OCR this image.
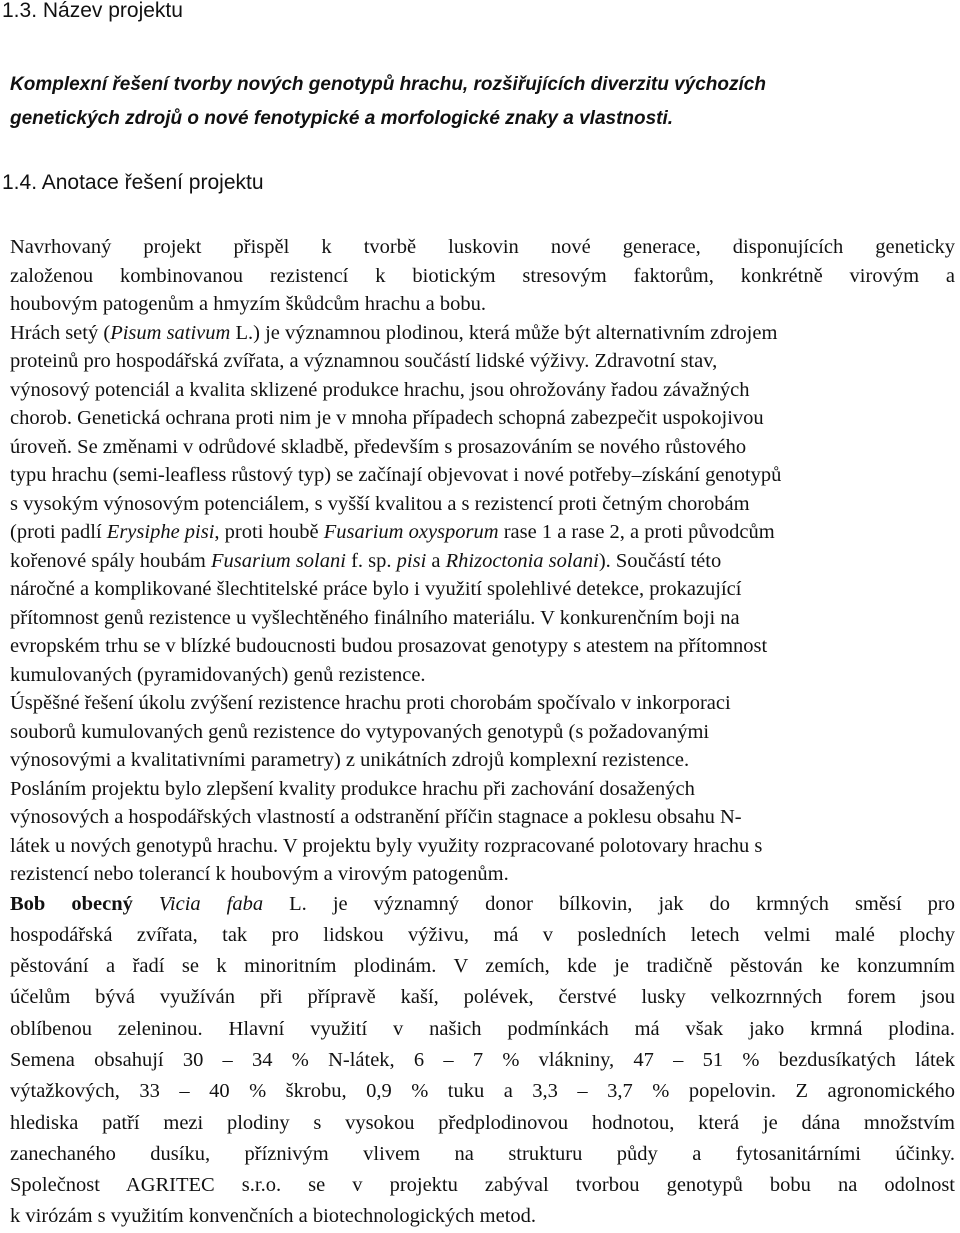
1.3. Název projektu

Komplexní řešení tvorby nových genotypů hrachu, rozšiřujících diverzitu výchozích
genetických zdrojů o nové fenotypické a morfologické znaky a vlastnosti.

1.4. Anotace řešení projektu
Navrhovaný projekt přispěl k tvorbě luskovin nové generace, disponujících geneticky
založenou kombinovanou rezistencí k biotickým stresovým faktorům, konkrétně virovým a
houbovým patogenům a hmyzím škůdcům hrachu a bobu.
Hrách setý (Pisum sativum L.) je významnou plodinou, která může být alternativním zdrojem
proteinů pro hospodářská zvířata, a významnou součástí lidské výživy. Zdravotní stav,
výnosový potenciál a kvalita sklizené produkce hrachu, jsou ohrožovány řadou závažných
chorob. Genetická ochrana proti nim je v mnoha případech schopná zabezpečit uspokojivou
úroveň. Se změnami v odrůdové skladbě, především s prosazováním se nového růstového
typu hrachu (semi-leafless růstový typ) se začínají objevovat i nové potřeby–získání genotypů
s vysokým výnosovým potenciálem, s vyšší kvalitou a s rezistencí proti četným chorobám
(proti padlí Erysiphe pisi, proti houbě Fusarium oxysporum rase 1 a rase 2, a proti původcům
kořenové spály houbám Fusarium solani f. sp. pisi a Rhizoctonia solani). Součástí této
náročné a komplikované šlechtitelské práce bylo i využití spolehlivé detekce, prokazující
přítomnost genů rezistence u vyšlechtěného finálního materiálu. V konkurenčním boji na
evropském trhu se v blízké budoucnosti budou prosazovat genotypy s atestem na přítomnost
kumulovaných (pyramidovaných) genů rezistence.
Úspěšné řešení úkolu zvýšení rezistence hrachu proti chorobám spočívalo v inkorporaci
souborů kumulovaných genů rezistence do vytypovaných genotypů (s požadovanými
výnosovými a kvalitativními parametry) z unikátních zdrojů komplexní rezistence.
Posláním projektu bylo zlepšení kvality produkce hrachu při zachování dosažených
výnosových a hospodářských vlastností a odstranění příčin stagnace a poklesu obsahu N-
látek u nových genotypů hrachu. V projektu byly využity rozpracované polotovary hrachu s
rezistencí nebo tolerancí k houbovým a virovým patogenům.
Bob obecný Vicia faba L. je významný donor bílkovin, jak do krmných směsí pro
hospodářská zvířata, tak pro lidskou výživu, má v posledních letech velmi malé plochy
pěstování a řadí se k minoritním plodinám. V zemích, kde je tradičně pěstován ke konzumním
účelům bývá využíván při přípravě kaší, polévek, čerstvé lusky velkozrnných forem jsou
oblíbenou zeleninou. Hlavní využití v našich podmínkách má však jako krmná plodina.
Semena obsahují 30 – 34 % N-látek, 6 – 7 % vlákniny, 47 – 51 % bezdusíkatých látek
výtažkových, 33 – 40 % škrobu, 0,9 % tuku a 3,3 – 3,7 % popelovin. Z agronomického
hlediska patří mezi plodiny s vysokou předplodinovou hodnotou, která je dána množstvím
zanechaného dusíku, příznivým vlivem na strukturu půdy a fytosanitárními účinky.
Společnost AGRITEC s.r.o. se v projektu zabýval tvorbou genotypů bobu na odolnost
k virózám s využitím konvenčních a biotechnologických metod.
